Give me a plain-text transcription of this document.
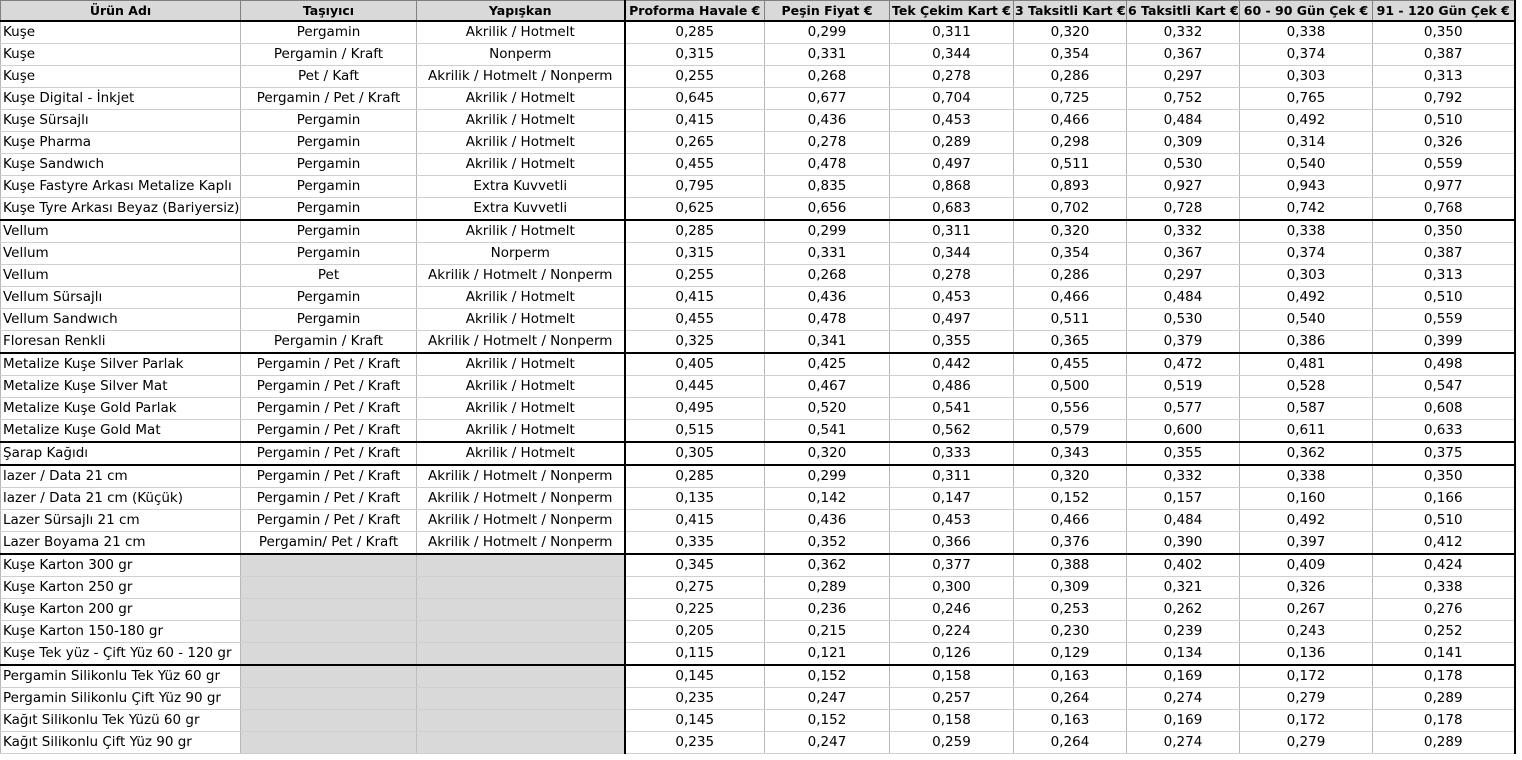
Ürün Adı	Taşıyıcı	Yapışkan	Proforma Havale €	Peşin Fiyat €	Tek Çekim Kart €	3 Taksitli Kart €	6 Taksitli Kart €	60 - 90 Gün Çek €	91 - 120 Gün Çek €
Kuşe	Pergamin	Akrilik / Hotmelt	0,285	0,299	0,311	0,320	0,332	0,338	0,350
Kuşe	Pergamin / Kraft	Nonperm	0,315	0,331	0,344	0,354	0,367	0,374	0,387
Kuşe	Pet / Kaft	Akrilik / Hotmelt / Nonperm	0,255	0,268	0,278	0,286	0,297	0,303	0,313
Kuşe Digital - İnkjet	Pergamin / Pet / Kraft	Akrilik / Hotmelt	0,645	0,677	0,704	0,725	0,752	0,765	0,792
Kuşe Sürsajlı	Pergamin	Akrilik / Hotmelt	0,415	0,436	0,453	0,466	0,484	0,492	0,510
Kuşe Pharma	Pergamin	Akrilik / Hotmelt	0,265	0,278	0,289	0,298	0,309	0,314	0,326
Kuşe Sandwıch	Pergamin	Akrilik / Hotmelt	0,455	0,478	0,497	0,511	0,530	0,540	0,559
Kuşe Fastyre Arkası Metalize Kaplı	Pergamin	Extra Kuvvetli	0,795	0,835	0,868	0,893	0,927	0,943	0,977
Kuşe Tyre Arkası Beyaz (Bariyersiz)	Pergamin	Extra Kuvvetli	0,625	0,656	0,683	0,702	0,728	0,742	0,768
Vellum	Pergamin	Akrilik / Hotmelt	0,285	0,299	0,311	0,320	0,332	0,338	0,350
Vellum	Pergamin	Norperm	0,315	0,331	0,344	0,354	0,367	0,374	0,387
Vellum	Pet	Akrilik / Hotmelt / Nonperm	0,255	0,268	0,278	0,286	0,297	0,303	0,313
Vellum Sürsajlı	Pergamin	Akrilik / Hotmelt	0,415	0,436	0,453	0,466	0,484	0,492	0,510
Vellum Sandwıch	Pergamin	Akrilik / Hotmelt	0,455	0,478	0,497	0,511	0,530	0,540	0,559
Floresan Renkli	Pergamin / Kraft	Akrilik / Hotmelt / Nonperm	0,325	0,341	0,355	0,365	0,379	0,386	0,399
Metalize Kuşe Silver Parlak	Pergamin / Pet / Kraft	Akrilik / Hotmelt	0,405	0,425	0,442	0,455	0,472	0,481	0,498
Metalize Kuşe Silver Mat	Pergamin / Pet / Kraft	Akrilik / Hotmelt	0,445	0,467	0,486	0,500	0,519	0,528	0,547
Metalize Kuşe Gold Parlak	Pergamin / Pet / Kraft	Akrilik / Hotmelt	0,495	0,520	0,541	0,556	0,577	0,587	0,608
Metalize Kuşe Gold Mat	Pergamin / Pet / Kraft	Akrilik / Hotmelt	0,515	0,541	0,562	0,579	0,600	0,611	0,633
Şarap Kağıdı	Pergamin / Pet / Kraft	Akrilik / Hotmelt	0,305	0,320	0,333	0,343	0,355	0,362	0,375
lazer / Data 21 cm	Pergamin / Pet / Kraft	Akrilik / Hotmelt / Nonperm	0,285	0,299	0,311	0,320	0,332	0,338	0,350
lazer / Data 21 cm (Küçük)	Pergamin / Pet / Kraft	Akrilik / Hotmelt / Nonperm	0,135	0,142	0,147	0,152	0,157	0,160	0,166
Lazer Sürsajlı 21 cm	Pergamin / Pet / Kraft	Akrilik / Hotmelt / Nonperm	0,415	0,436	0,453	0,466	0,484	0,492	0,510
Lazer Boyama 21 cm	Pergamin/ Pet / Kraft	Akrilik / Hotmelt / Nonperm	0,335	0,352	0,366	0,376	0,390	0,397	0,412
Kuşe Karton 300 gr			0,345	0,362	0,377	0,388	0,402	0,409	0,424
Kuşe Karton 250 gr			0,275	0,289	0,300	0,309	0,321	0,326	0,338
Kuşe Karton 200 gr			0,225	0,236	0,246	0,253	0,262	0,267	0,276
Kuşe Karton 150-180 gr			0,205	0,215	0,224	0,230	0,239	0,243	0,252
Kuşe Tek yüz - Çift Yüz 60 - 120 gr			0,115	0,121	0,126	0,129	0,134	0,136	0,141
Pergamin Silikonlu Tek Yüz 60 gr			0,145	0,152	0,158	0,163	0,169	0,172	0,178
Pergamin Silikonlu Çift Yüz 90 gr			0,235	0,247	0,257	0,264	0,274	0,279	0,289
Kağıt Silikonlu Tek Yüzü 60 gr			0,145	0,152	0,158	0,163	0,169	0,172	0,178
Kağıt Silikonlu Çift Yüz 90 gr			0,235	0,247	0,259	0,264	0,274	0,279	0,289
